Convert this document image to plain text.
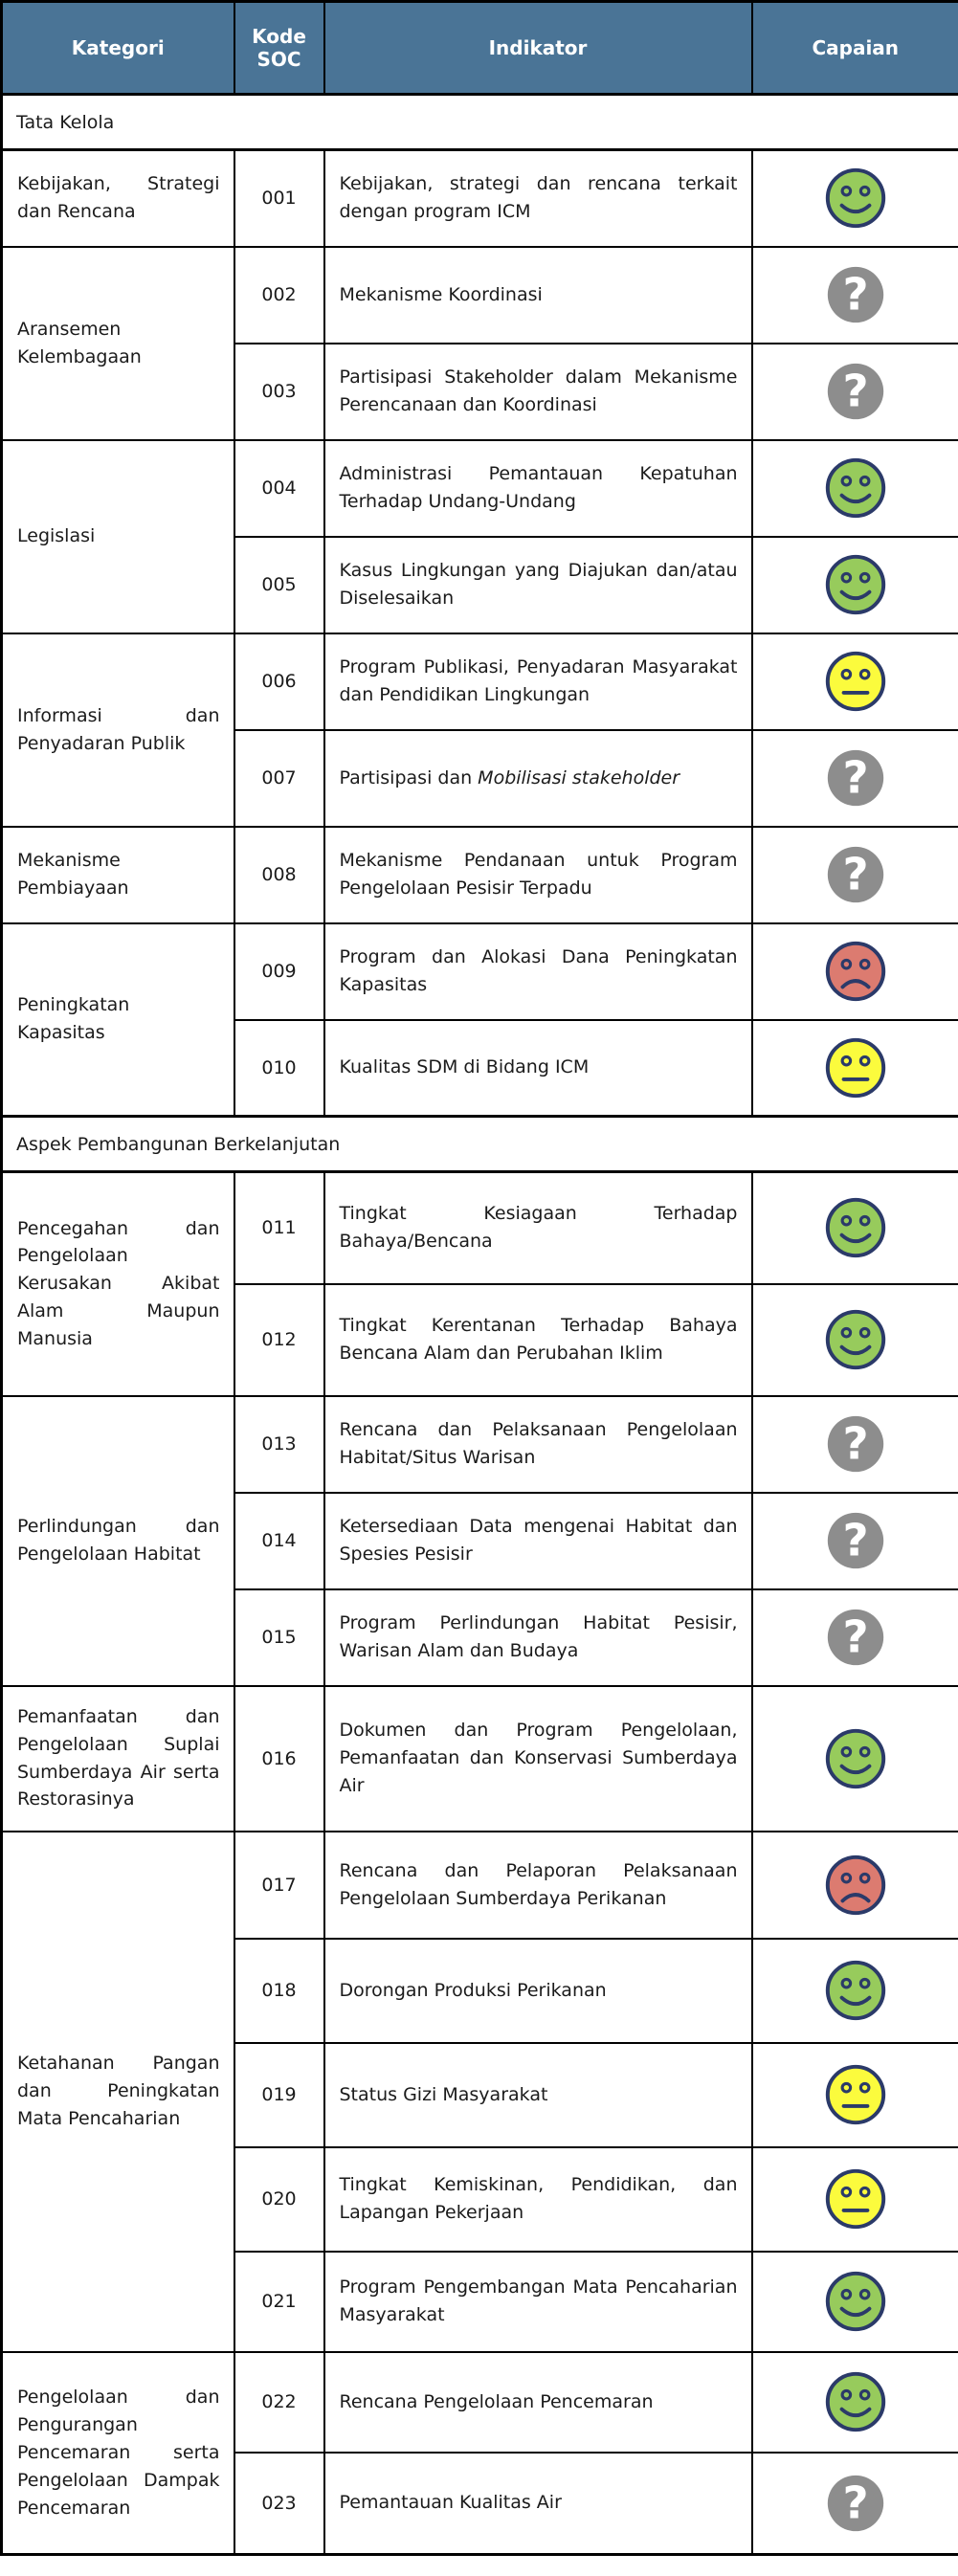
Kategori	Kode SOC	Indikator	Capaian
Tata Kelola			
Kebijakan, Strategi dan Rencana	001	Kebijakan, strategi dan rencana terkait dengan program ICM	
Aransemen Kelembagaan	002	Mekanisme Koordinasi	?

	003	Partisipasi Stakeholder dalam Mekanisme Perencanaan dan Koordinasi	?

Legislasi	004	Administrasi Pemantauan Kepatuhan Terhadap Undang-Undang	
	005	Kasus Lingkungan yang Diajukan dan/atau Diselesaikan	
Informasi dan Penyadaran Publik	006	Program Publikasi, Penyadaran Masyarakat dan Pendidikan Lingkungan	
	007	Partisipasi dan Mobilisasi stakeholder	?

Mekanisme Pembiayaan	008	Mekanisme Pendanaan untuk Program Pengelolaan Pesisir Terpadu	?

Peningkatan Kapasitas	009	Program dan Alokasi Dana Peningkatan Kapasitas	
	010	Kualitas SDM di Bidang ICM	
Aspek Pembangunan Berkelanjutan			
Pencegahan dan Pengelolaan Kerusakan Akibat Alam Maupun Manusia	011	Tingkat Kesiagaan Terhadap Bahaya/Bencana	
	012	Tingkat Kerentanan Terhadap Bahaya Bencana Alam dan Perubahan Iklim	
Perlindungan dan Pengelolaan Habitat	013	Rencana dan Pelaksanaan Pengelolaan Habitat/Situs Warisan	?

	014	Ketersediaan Data mengenai Habitat dan Spesies Pesisir	?

	015	Program Perlindungan Habitat Pesisir, Warisan Alam dan Budaya	?

Pemanfaatan dan Pengelolaan Suplai Sumberdaya Air serta Restorasinya	016	Dokumen dan Program Pengelolaan, Pemanfaatan dan Konservasi Sumberdaya Air	
Ketahanan Pangan dan Peningkatan Mata Pencaharian	017	Rencana dan Pelaporan Pelaksanaan Pengelolaan Sumberdaya Perikanan	
	018	Dorongan Produksi Perikanan	
	019	Status Gizi Masyarakat	
	020	Tingkat Kemiskinan, Pendidikan, dan Lapangan Pekerjaan	
	021	Program Pengembangan Mata Pencaharian Masyarakat	
Pengelolaan dan Pengurangan Pencemaran serta Pengelolaan Dampak Pencemaran	022	Rencana Pengelolaan Pencemaran	
	023	Pemantauan Kualitas Air	?
